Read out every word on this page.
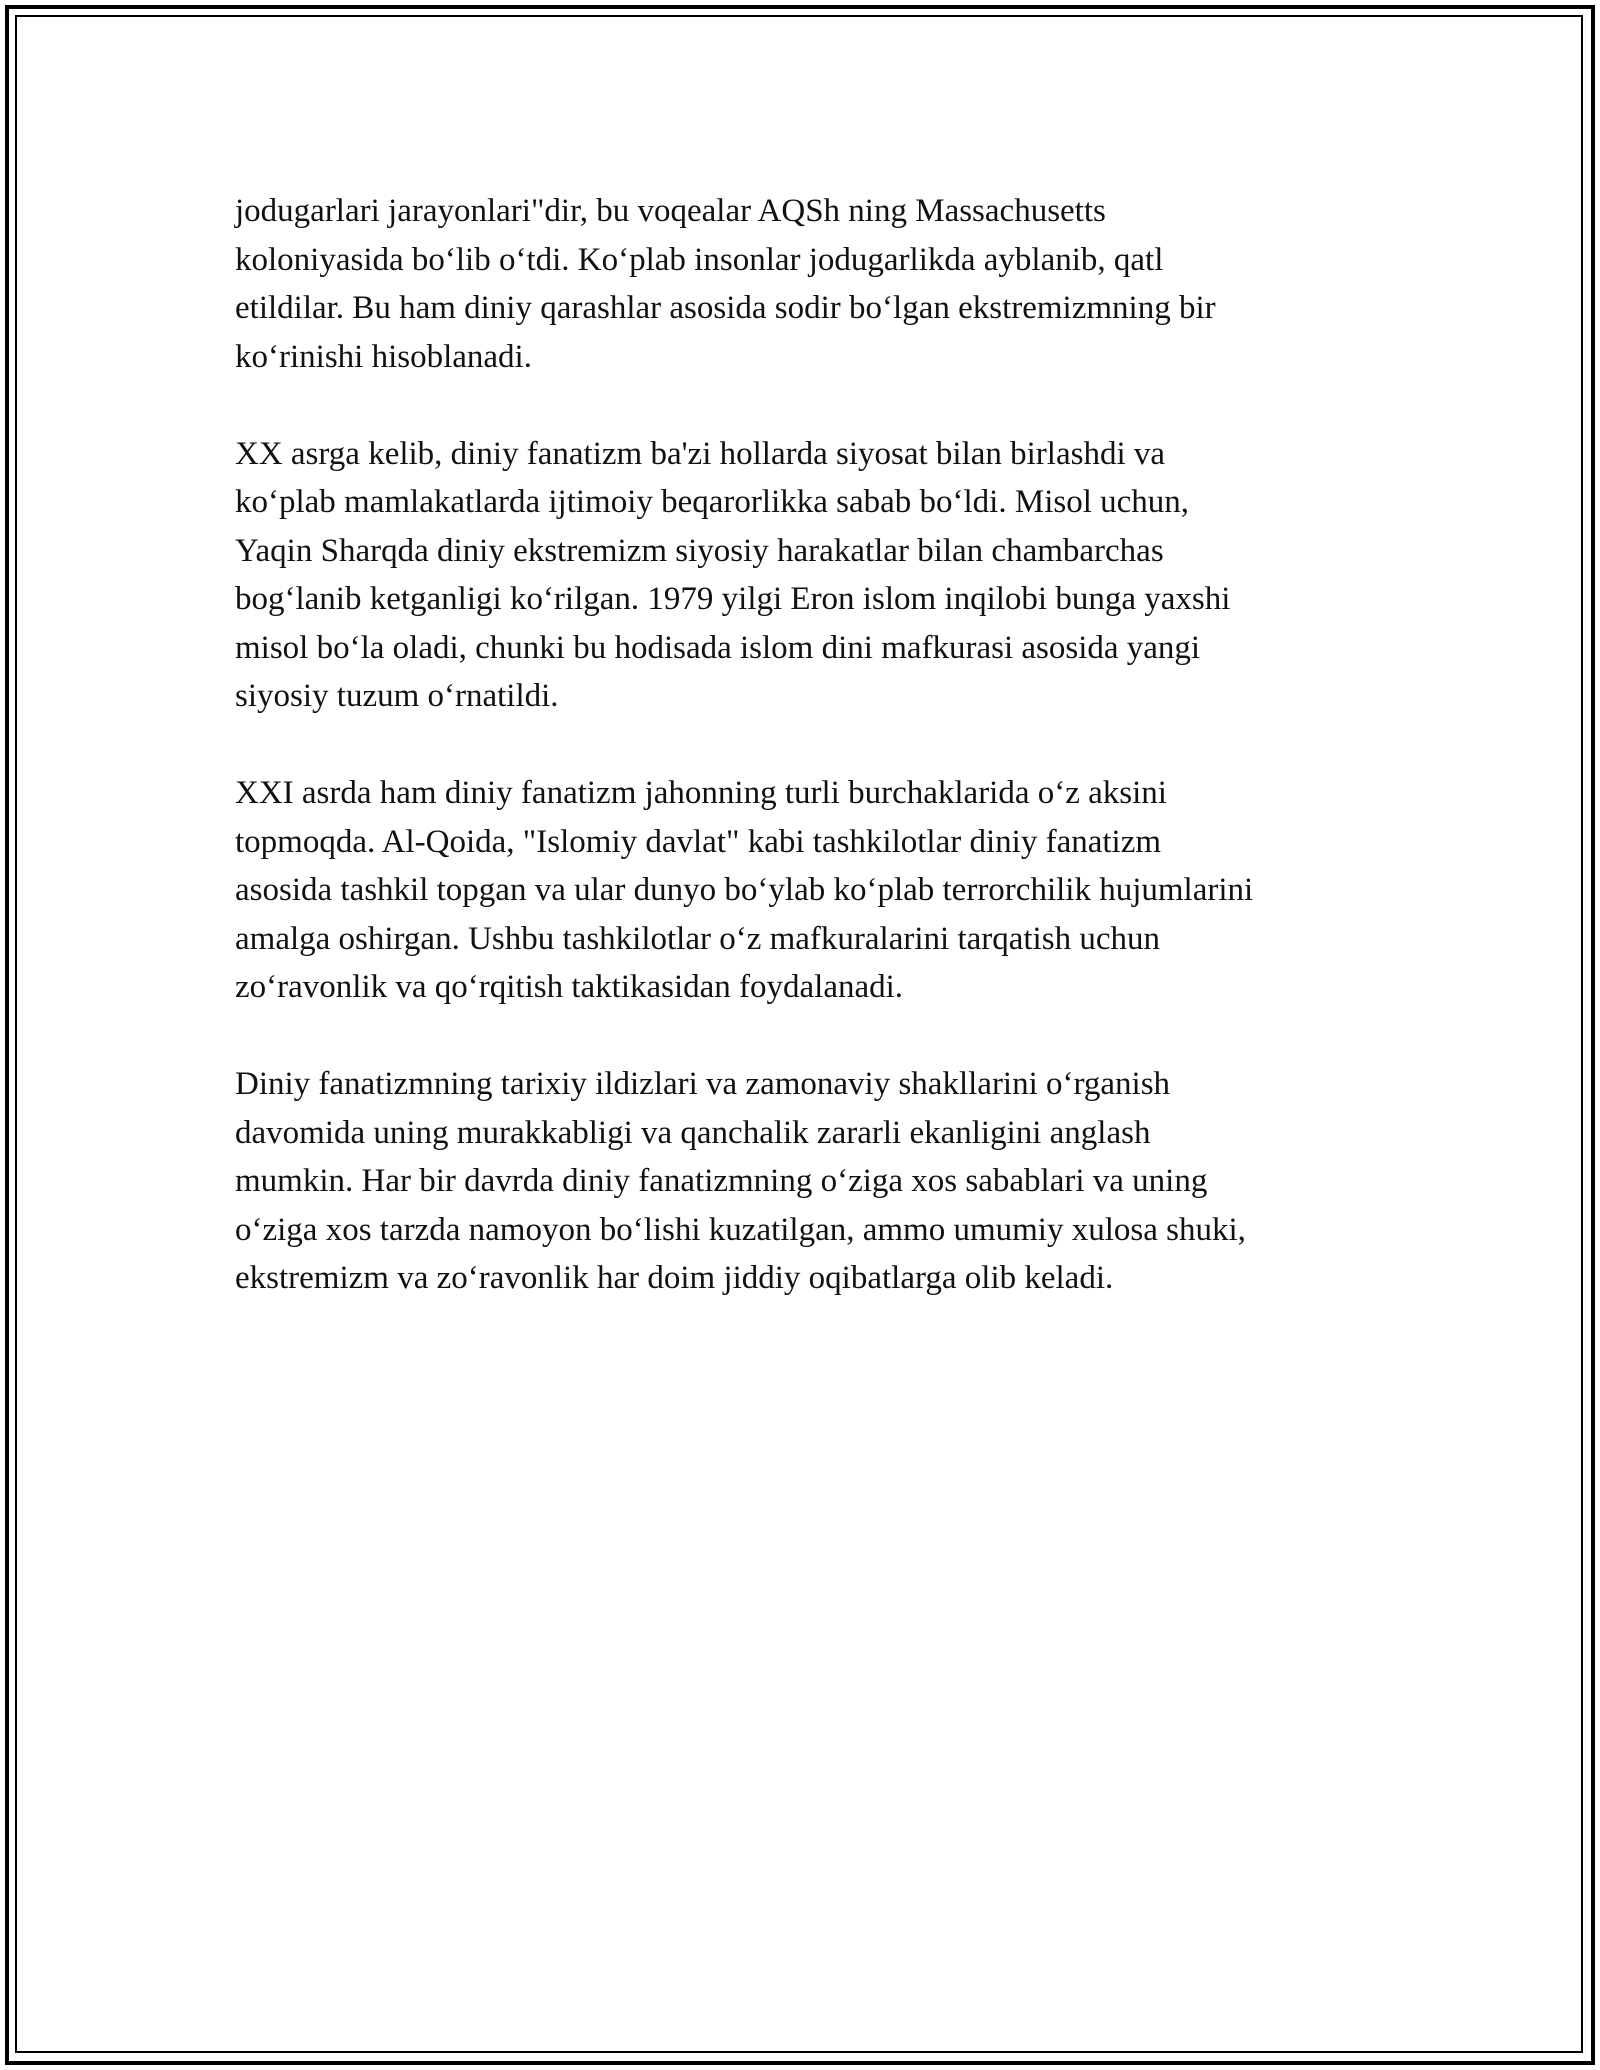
jodugarlari jarayonlari"dir, bu voqealar AQSh ning Massachusetts
koloniyasida bo‘lib o‘tdi. Ko‘plab insonlar jodugarlikda ayblanib, qatl
etildilar. Bu ham diniy qarashlar asosida sodir bo‘lgan ekstremizmning bir
ko‘rinishi hisoblanadi.

XX asrga kelib, diniy fanatizm ba'zi hollarda siyosat bilan birlashdi va
ko‘plab mamlakatlarda ijtimoiy beqarorlikka sabab bo‘ldi. Misol uchun,
Yaqin Sharqda diniy ekstremizm siyosiy harakatlar bilan chambarchas
bog‘lanib ketganligi ko‘rilgan. 1979 yilgi Eron islom inqilobi bunga yaxshi
misol bo‘la oladi, chunki bu hodisada islom dini mafkurasi asosida yangi
siyosiy tuzum o‘rnatildi.

XXI asrda ham diniy fanatizm jahonning turli burchaklarida o‘z aksini
topmoqda. Al-Qoida, "Islomiy davlat" kabi tashkilotlar diniy fanatizm
asosida tashkil topgan va ular dunyo bo‘ylab ko‘plab terrorchilik hujumlarini
amalga oshirgan. Ushbu tashkilotlar o‘z mafkuralarini tarqatish uchun
zo‘ravonlik va qo‘rqitish taktikasidan foydalanadi.

Diniy fanatizmning tarixiy ildizlari va zamonaviy shakllarini o‘rganish
davomida uning murakkabligi va qanchalik zararli ekanligini anglash
mumkin. Har bir davrda diniy fanatizmning o‘ziga xos sabablari va uning
o‘ziga xos tarzda namoyon bo‘lishi kuzatilgan, ammo umumiy xulosa shuki,
ekstremizm va zo‘ravonlik har doim jiddiy oqibatlarga olib keladi.
